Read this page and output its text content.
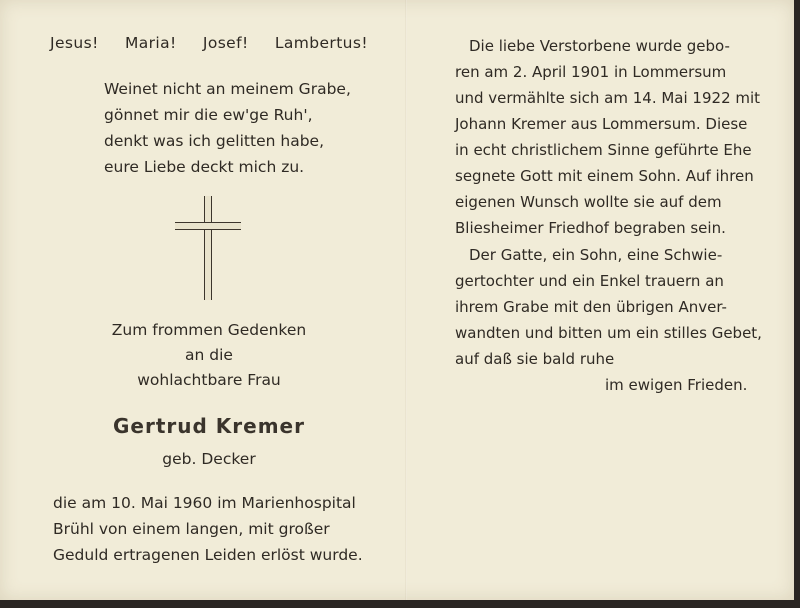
Jesus! Maria! Josef! Lambertus!
Weinet nicht an meinem Grabe,
gönnet mir die ew'ge Ruh',
denkt was ich gelitten habe,
eure Liebe deckt mich zu.
Zum frommen Gedenken
an die
wohlachtbare Frau
Gertrud Kremer
geb. Decker
die am 10. Mai 1960 im Marienhospital
Brühl von einem langen, mit großer
Geduld ertragenen Leiden erlöst wurde.
Die liebe Verstorbene wurde gebo-
ren am 2. April 1901 in Lommersum
und vermählte sich am 14. Mai 1922 mit
Johann Kremer aus Lommersum. Diese
in echt christlichem Sinne geführte Ehe
segnete Gott mit einem Sohn. Auf ihren
eigenen Wunsch wollte sie auf dem
Bliesheimer Friedhof begraben sein.
Der Gatte, ein Sohn, eine Schwie-
gertochter und ein Enkel trauern an
ihrem Grabe mit den übrigen Anver-
wandten und bitten um ein stilles Gebet,
auf daß sie bald ruhe
im ewigen Frieden.
